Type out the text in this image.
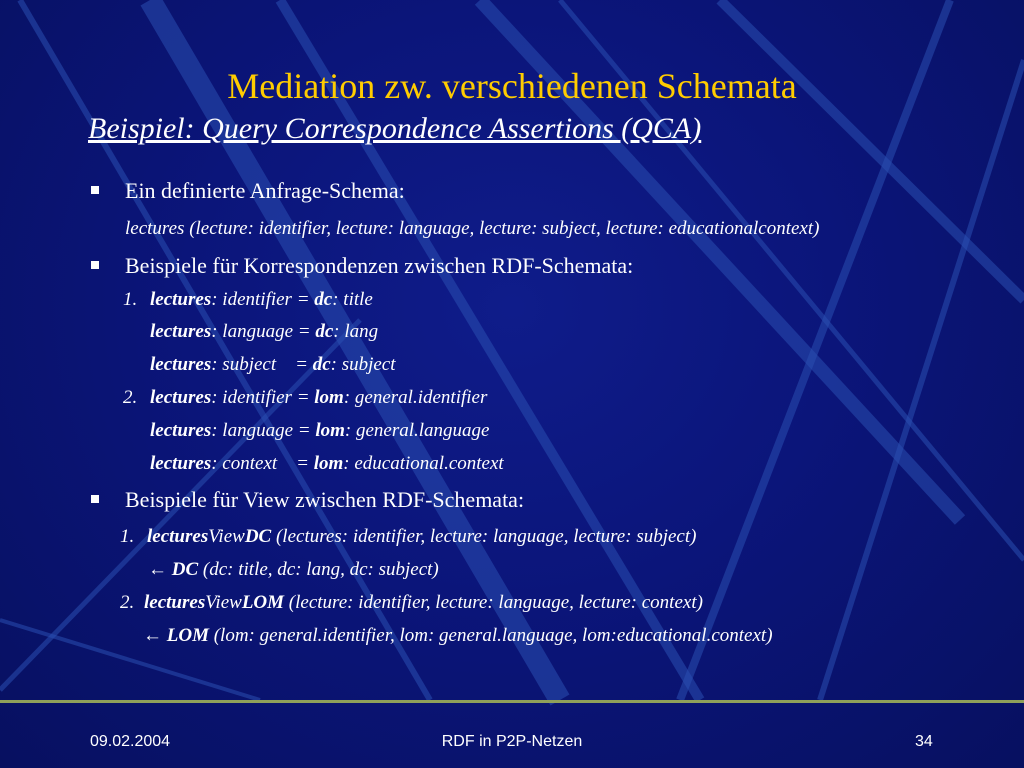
Mediation zw. verschiedenen Schemata
Beispiel: Query Correspondence Assertions (QCA)
Ein definierte Anfrage-Schema:
lectures (lecture: identifier, lecture: language, lecture: subject, lecture: educationalcontext)
Beispiele für Korrespondenzen zwischen RDF-Schemata:
1. lectures: identifier = dc: title
lectures: language = dc: lang
lectures: subject    = dc: subject
2. lectures: identifier = lom: general.identifier
lectures: language = lom: general.language
lectures: context    = lom: educational.context
Beispiele für View zwischen RDF-Schemata:
1. lecturesViewDC (lectures: identifier, lecture: language, lecture: subject)
← DC (dc: title, dc: lang, dc: subject)
2. lecturesViewLOM (lecture: identifier, lecture: language, lecture: context)
← LOM (lom: general.identifier, lom: general.language, lom:educational.context)
09.02.2004	RDF in P2P-Netzen	34
